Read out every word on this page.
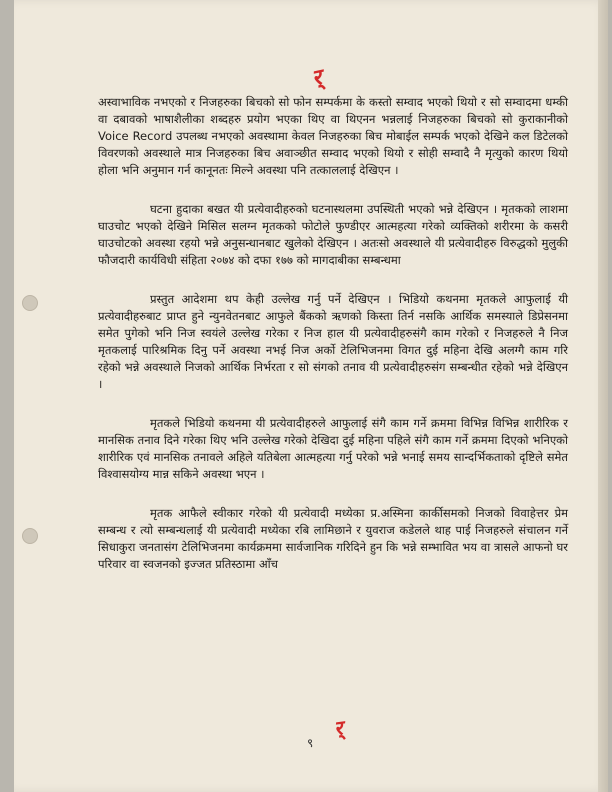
र्

अस्वाभाविक नभएको र निजहरुका बिचको सो फोन सम्पर्कमा के कस्तो सम्वाद भएको थियो र सो सम्वादमा धम्की वा दबावको भाषाशैलीका शब्दहरु प्रयोग भएका थिए वा थिएनन भन्नलाई निजहरुका बिचको सो कुराकानीको Voice Record उपलब्ध नभएको अवस्थामा केवल निजहरुका बिच मोबाईल सम्पर्क भएको देखिने कल डिटेलको विवरणको अवस्थाले मात्र निजहरुका बिच अवाञ्छीत सम्वाद भएको थियो र सोही सम्वादै नै मृत्युको कारण थियो होला भनि अनुमान गर्न कानूनतः मिल्ने अवस्था पनि तत्काललाई देखिएन ।

घटना हुदाका बखत यी प्रत्येवादीहरुको घटनास्थलमा उपस्थिती भएको भन्ने देखिएन । मृतकको लाशमा घाउचोट भएको देखिने मिसिल सलग्न मृतकको फोटोले फुण्डीएर आत्महत्या गरेको व्यक्तिको शरीरमा के कसरी घाउचोटको अवस्था रहयो भन्ने अनुसन्धानबाट खुलेको देखिएन । अतःसो अवस्थाले यी प्रत्येवादीहरु विरुद्धको मुलुकी फौजदारी कार्यविधी संहिता २०७४ को दफा १७७ को मागदाबीका सम्बन्धमा

प्रस्तुत आदेशमा थप केही उल्लेख गर्नु पर्ने देखिएन । भिडियो कथनमा मृतकले आफुलाई यी प्रत्येवादीहरुबाट प्राप्त हुने न्युनवेतनबाट आफुले बैंकको ऋणको किस्ता तिर्न नसकि आर्थिक समस्याले डिप्रेसनमा समेत पुगेको भनि निज स्वयंले उल्लेख गरेका र निज हाल यी प्रत्येवादीहरुसंगै काम गरेको र निजहरुले नै निज मृतकलाई पारिश्रमिक दिनु पर्ने अवस्था नभई निज अर्को टेलिभिजनमा विगत दुई महिना देखि अलग्गै काम गरि रहेको भन्ने अवस्थाले निजको आर्थिक निर्भरता र सो संगको तनाव यी प्रत्येवादीहरुसंग सम्बन्धीत रहेको भन्ने देखिएन ।

मृतकले भिडियो कथनमा यी प्रत्येवादीहरुले आफुलाई संगै काम गर्ने क्रममा विभिन्न विभिन्न शारीरिक र मानसिक तनाव दिने गरेका थिए भनि उल्लेख गरेको देखिदा दुई महिना पहिले संगै काम गर्ने क्रममा दिएको भनिएको शारीरिक एवं मानसिक तनावले अहिले यतिबेला आत्महत्या गर्नु परेको भन्ने भनाई समय सान्दर्भिकताको दृष्टिले समेत विश्वासयोग्य मान्न सकिने अवस्था भएन ।

मृतक आफैले स्वीकार गरेको यी प्रत्येवादी मध्येका प्र.अस्मिना कार्कीसमको निजको विवाहेत्तर प्रेम सम्बन्ध र त्यो सम्बन्धलाई यी प्रत्येवादी मध्येका रबि लामिछाने र युवराज कडेलले थाह पाई निजहरुले संचालन गर्ने सिधाकुरा जनतासंग टेलिभिजनमा कार्यक्रममा सार्वजानिक गरिदिने हुन कि भन्ने सम्भावित भय वा त्रासले आफनो घर परिवार वा स्वजनको इज्जत प्रतिस्ठामा आँच

९
र्
